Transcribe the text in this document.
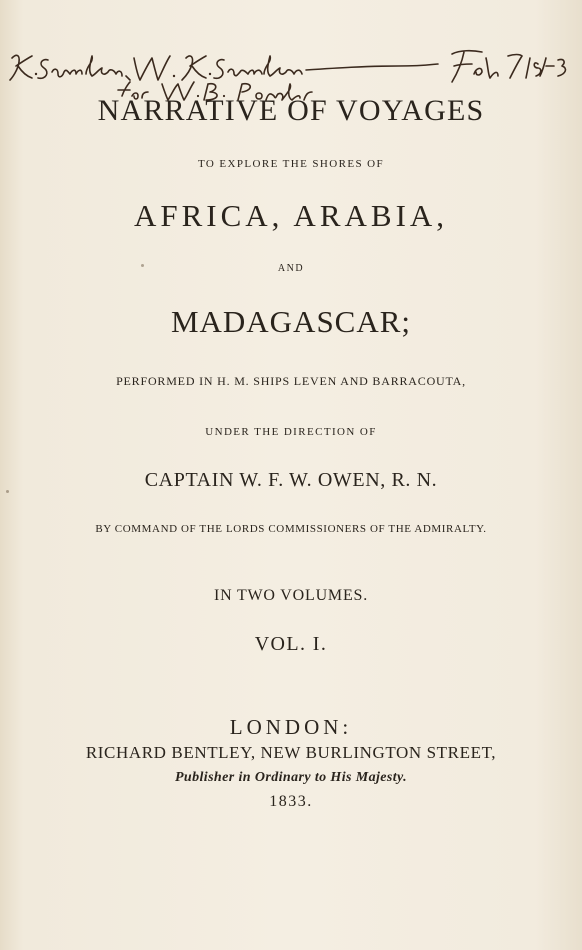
NARRATIVE OF VOYAGES
TO EXPLORE THE SHORES OF
AFRICA, ARABIA,
AND
MADAGASCAR;
PERFORMED IN H. M. SHIPS LEVEN AND BARRACOUTA,
UNDER THE DIRECTION OF
CAPTAIN W. F. W. OWEN, R. N.
BY COMMAND OF THE LORDS COMMISSIONERS OF THE ADMIRALTY.
IN TWO VOLUMES.
VOL. I.
LONDON:
RICHARD BENTLEY, NEW BURLINGTON STREET,
Publisher in Ordinary to His Majesty.
1833.
